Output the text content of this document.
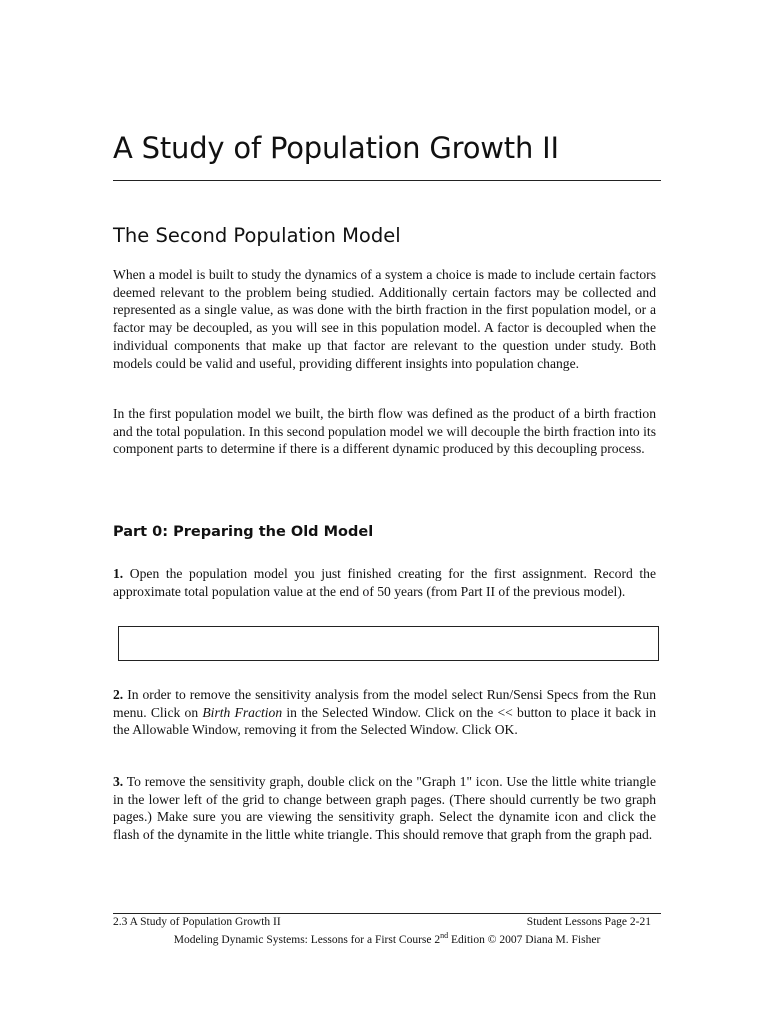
A Study of Population Growth II
The Second Population Model

When a model is built to study the dynamics of a system a choice is made to include certain factors deemed relevant to the problem being studied. Additionally certain factors may be collected and represented as a single value, as was done with the birth fraction in the first population model, or a factor may be decoupled, as you will see in this population model. A factor is decoupled when the individual components that make up that factor are relevant to the question under study. Both models could be valid and useful, providing different insights into population change.

In the first population model we built, the birth flow was defined as the product of a birth fraction and the total population. In this second population model we will decouple the birth fraction into its component parts to determine if there is a different dynamic produced by this decoupling process.

Part 0: Preparing the Old Model

1. Open the population model you just finished creating for the first assignment. Record the approximate total population value at the end of 50 years (from Part II of the previous model).

2. In order to remove the sensitivity analysis from the model select Run/Sensi Specs from the Run menu. Click on Birth Fraction in the Selected Window. Click on the << button to place it back in the Allowable Window, removing it from the Selected Window. Click OK.

3. To remove the sensitivity graph, double click on the "Graph 1" icon. Use the little white triangle in the lower left of the grid to change between graph pages. (There should currently be two graph pages.) Make sure you are viewing the sensitivity graph. Select the dynamite icon and click the flash of the dynamite in the little white triangle. This should remove that graph from the graph pad.

2.3 A Study of Population Growth II	Student Lessons Page 2-21

Modeling Dynamic Systems: Lessons for a First Course 2nd Edition © 2007 Diana M. Fisher
